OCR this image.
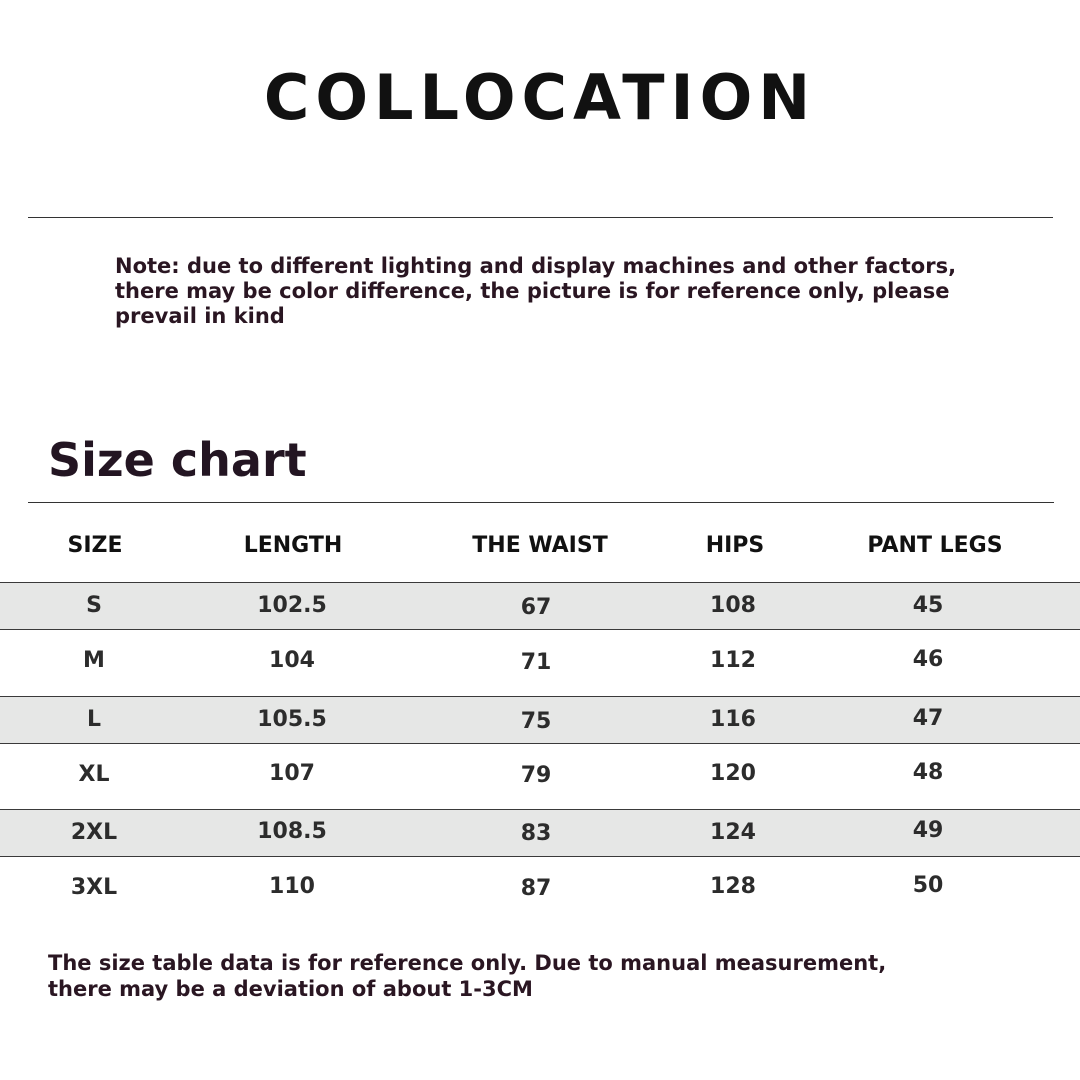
COLLOCATION
Note: due to different lighting and display machines and other factors, there may be color difference, the picture is for reference only, please prevail in kind
Size chart
SIZE	LENGTH	THE WAIST	HIPS	PANT LEGS
S	102.5	67	108	45
M	104	71	112	46
L	105.5	75	116	47
XL	107	79	120	48
2XL	108.5	83	124	49
3XL	110	87	128	50
The size table data is for reference only. Due to manual measurement, there may be a deviation of about 1-3CM
